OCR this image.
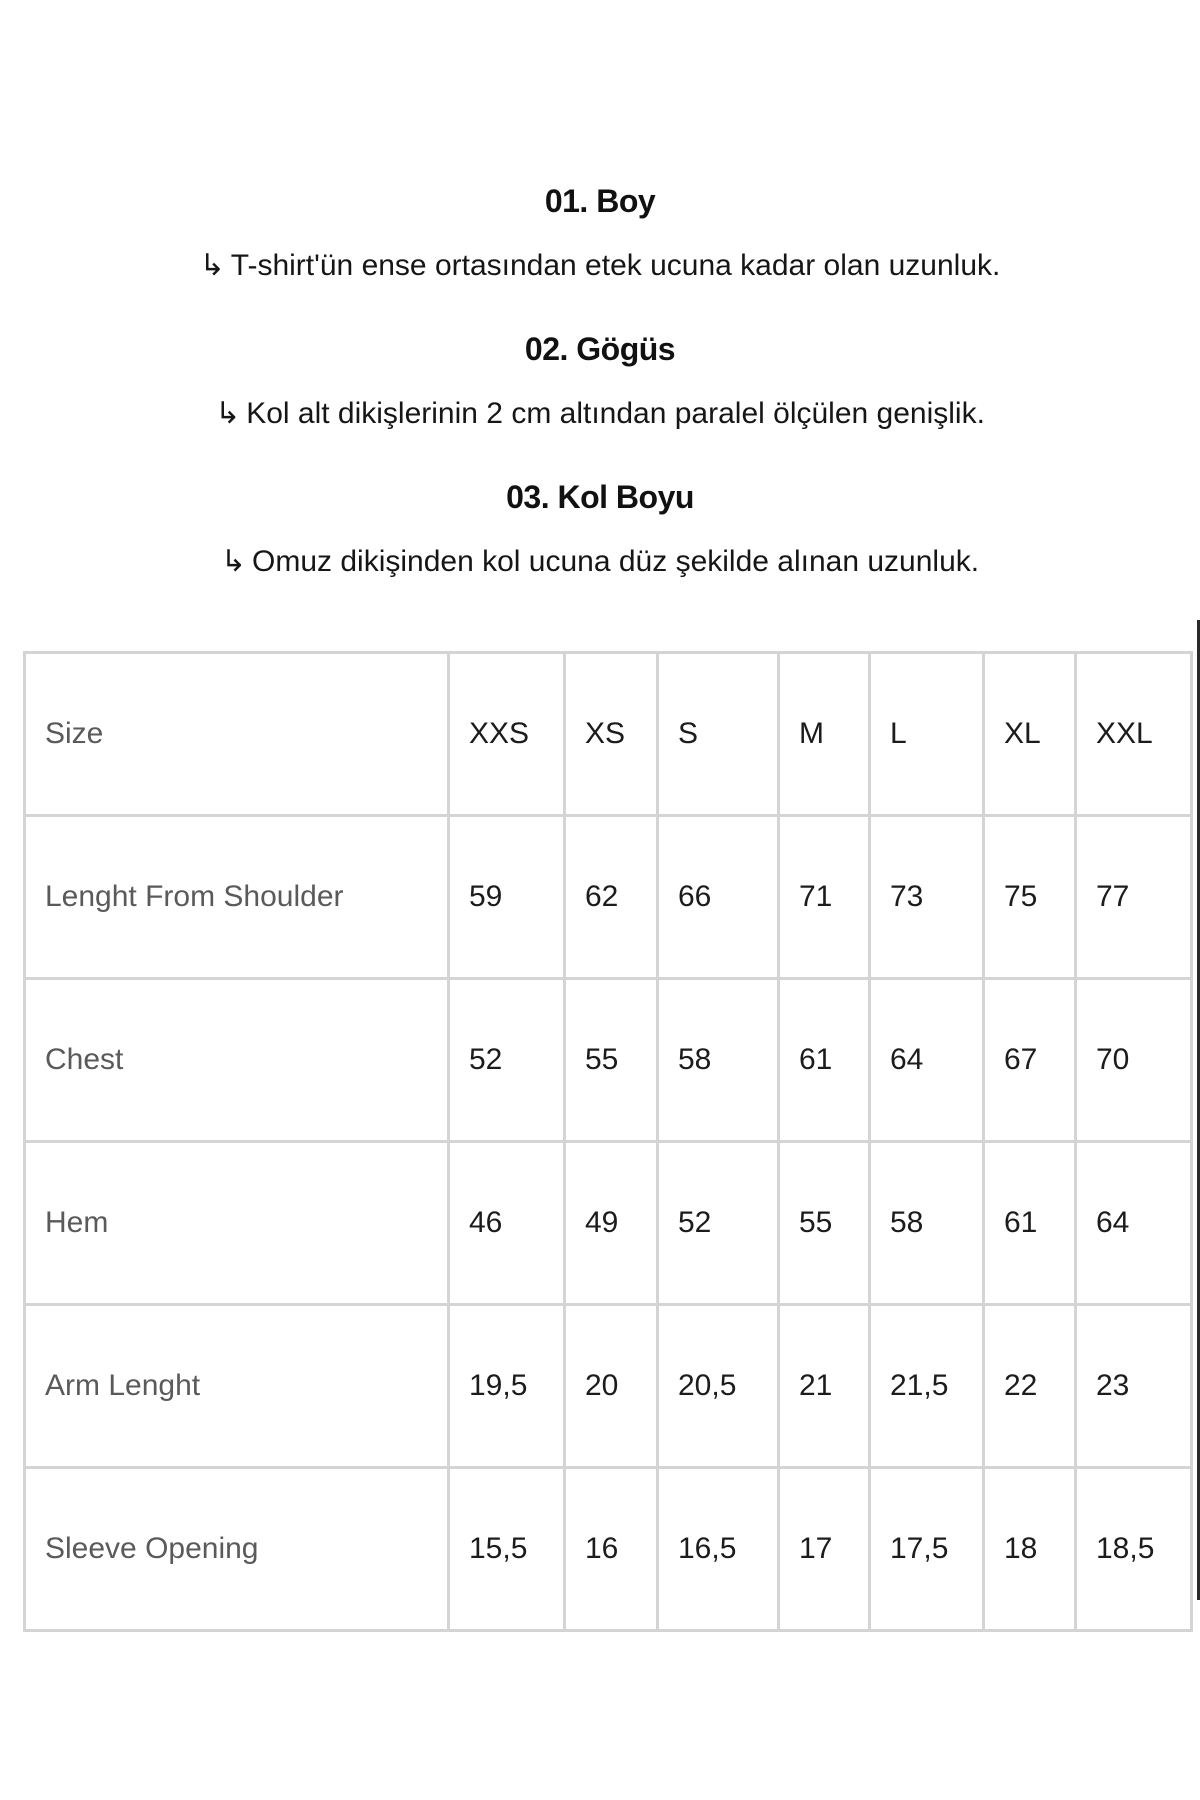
01. Boy

↳ T-shirt'ün ense ortasından etek ucuna kadar olan uzunluk.

02. Gögüs

↳ Kol alt dikişlerinin 2 cm altından paralel ölçülen genişlik.

03. Kol Boyu

↳ Omuz dikişinden kol ucuna düz şekilde alınan uzunluk.

Size	XXS	XS	S	M	L	XL	XXL
Lenght From Shoulder	59	62	66	71	73	75	77
Chest	52	55	58	61	64	67	70
Hem	46	49	52	55	58	61	64
Arm Lenght	19,5	20	20,5	21	21,5	22	23
Sleeve Opening	15,5	16	16,5	17	17,5	18	18,5
